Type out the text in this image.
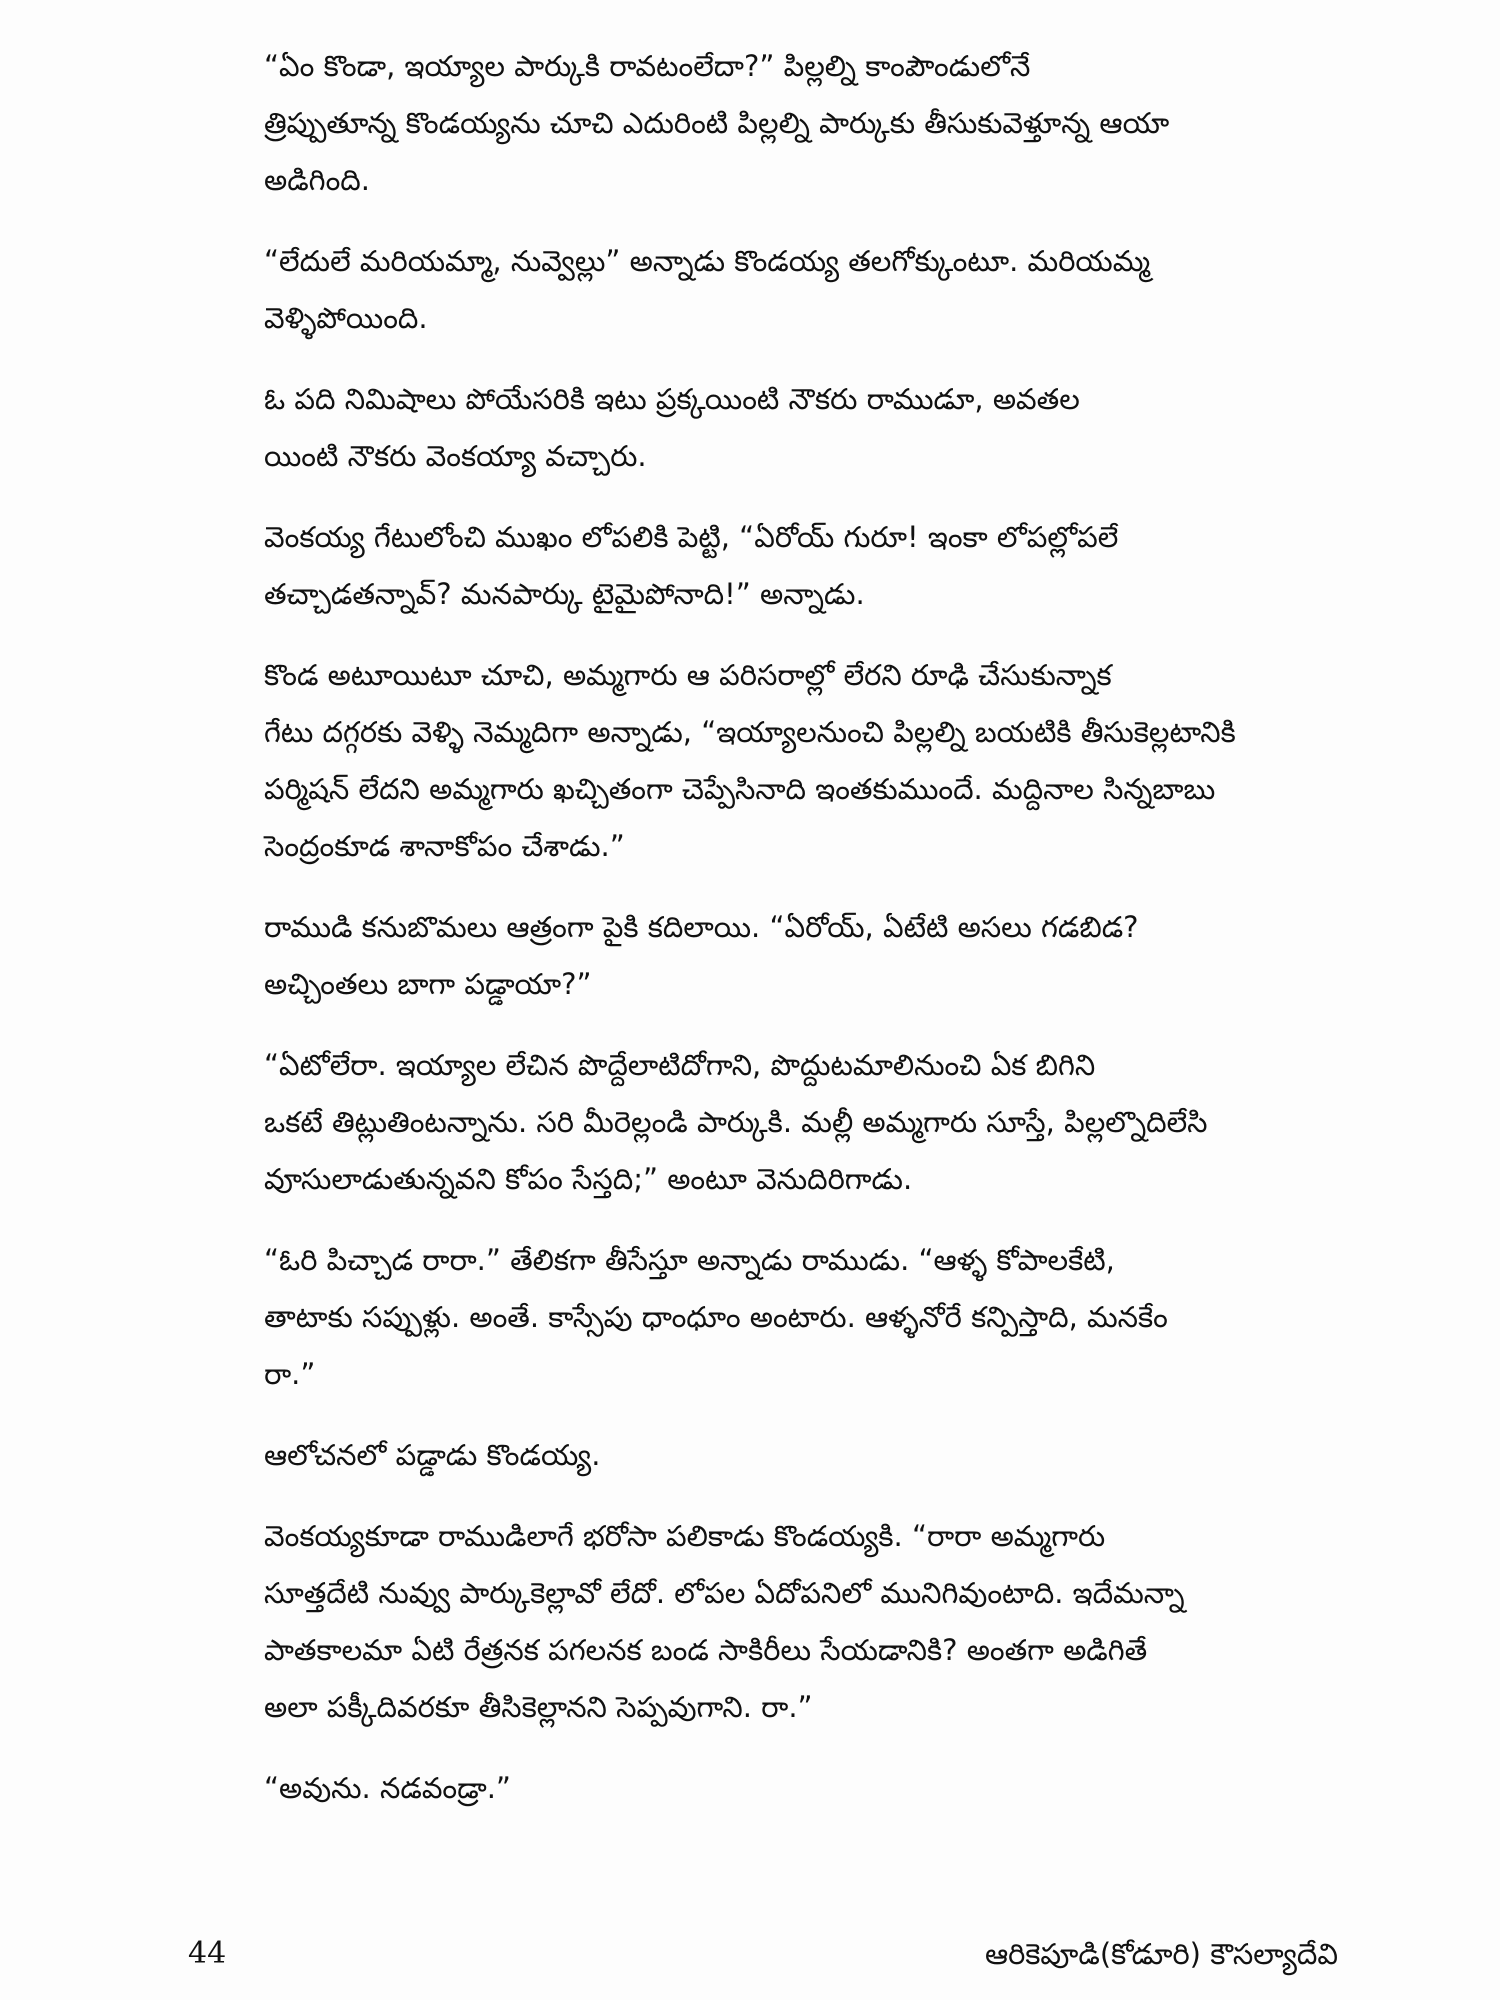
“ఏం కొండా, ఇయ్యాల పార్కుకి రావటంలేదా?” పిల్లల్ని కాంపౌండులోనే
త్రిప్పుతూన్న కొండయ్యను చూచి ఎదురింటి పిల్లల్ని పార్కుకు తీసుకువెళ్తూన్న ఆయా
అడిగింది.

“లేదులే మరియమ్మా, నువ్వెల్లు” అన్నాడు కొండయ్య తలగోక్కుంటూ. మరియమ్మ
వెళ్ళిపోయింది.

ఓ పది నిమిషాలు పోయేసరికి ఇటు ప్రక్కయింటి నౌకరు రాముడూ, అవతల
యింటి నౌకరు వెంకయ్యా వచ్చారు.

వెంకయ్య గేటులోంచి ముఖం లోపలికి పెట్టి, “ఏరోయ్ గురూ! ఇంకా లోపల్లోపలే
తచ్చాడతన్నావ్? మనపార్కు టైమైపోనాది!” అన్నాడు.

కొండ అటూయిటూ చూచి, అమ్మగారు ఆ పరిసరాల్లో లేరని రూఢి చేసుకున్నాక
గేటు దగ్గరకు వెళ్ళి నెమ్మదిగా అన్నాడు, “ఇయ్యాలనుంచి పిల్లల్ని బయటికి తీసుకెల్లటానికి
పర్మిషన్ లేదని అమ్మగారు ఖచ్చితంగా చెప్పేసినాది ఇంతకుముందే. మద్దినాల సిన్నబాబు
సెంద్రంకూడ శానాకోపం చేశాడు.”

రాముడి కనుబొమలు ఆత్రంగా పైకి కదిలాయి. “ఏరోయ్, ఏటేటి అసలు గడబిడ?
అచ్చింతలు బాగా పడ్డాయా?”

“ఏటోలేరా. ఇయ్యాల లేచిన పొద్దేలాటిదోగాని, పొద్దుటమాలినుంచి ఏక బిగిని
ఒకటే తిట్లుతింటన్నాను. సరి మీరెల్లండి పార్కుకి. మల్లీ అమ్మగారు సూస్తే, పిల్లల్నొదిలేసి
వూసులాడుతున్నవని కోపం సేస్తది;” అంటూ వెనుదిరిగాడు.

“ఓరి పిచ్చాడ రారా.” తేలికగా తీసేస్తూ అన్నాడు రాముడు. “ఆళ్ళ కోపాలకేటి,
తాటాకు సప్పుళ్లు. అంతే. కాస్సేపు ధాంధూం అంటారు. ఆళ్ళనోరే కన్పిస్తాది, మనకేం
రా.”

ఆలోచనలో పడ్డాడు కొండయ్య.

వెంకయ్యకూడా రాముడిలాగే భరోసా పలికాడు కొండయ్యకి. “రారా అమ్మగారు
సూత్తదేటి నువ్వు పార్కుకెల్లావో లేదో. లోపల ఏదోపనిలో మునిగివుంటాది. ఇదేమన్నా
పాతకాలమా ఏటి రేత్రనక పగలనక బండ సాకిరీలు సేయడానికి? అంతగా అడిగితే
అలా పక్కీదివరకూ తీసికెల్లానని సెప్పవుగాని. రా.”

“అవును. నడవండ్రా.”

44	ఆరికెపూడి(కోడూరి) కౌసల్యాదేవి
